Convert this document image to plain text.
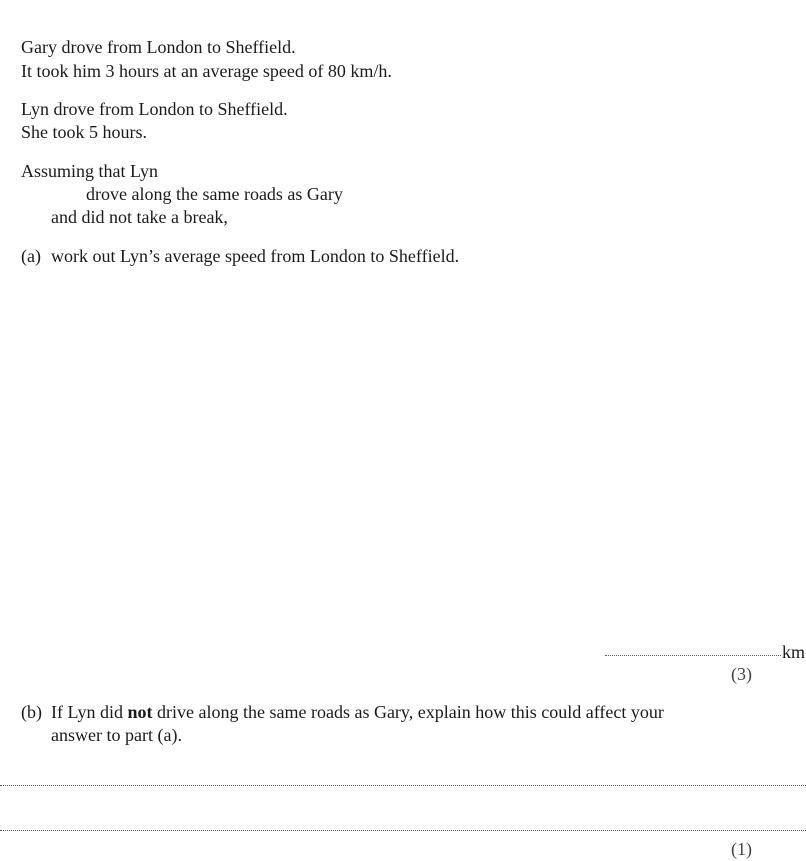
Gary drove from London to Sheffield.
It took him 3 hours at an average speed of 80 km/h.
Lyn drove from London to Sheffield.
She took 5 hours.
Assuming that Lyn
drove along the same roads as Gary
and did not take a break,
(a) work out Lyn’s average speed from London to Sheffield.
km
(3)
(b) If Lyn did not drive along the same roads as Gary, explain how this could affect your
answer to part (a).
(1)
